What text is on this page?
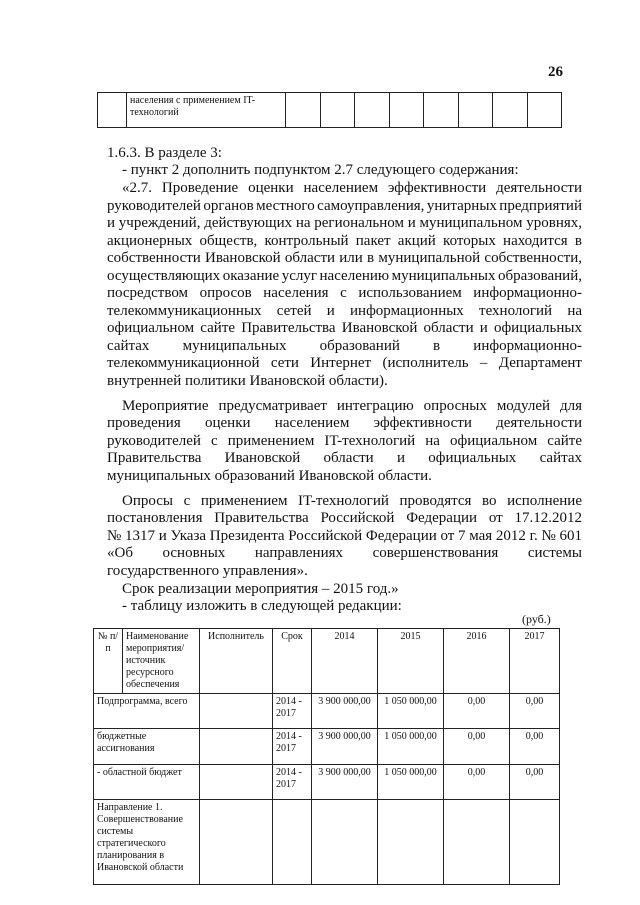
26
	населения с применением IT-технологий								
1.6.3. В разделе 3:
- пункт 2 дополнить подпунктом 2.7 следующего содержания:
«2.7. Проведение оценки населением эффективности деятельности
руководителей органов местного самоуправления, унитарных предприятий
и учреждений, действующих на региональном и муниципальном уровнях,
акционерных обществ, контрольный пакет акций которых находится в
собственности Ивановской области или в муниципальной собственности,
осуществляющих оказание услуг населению муниципальных образований,
посредством опросов населения с использованием информационно-
телекоммуникационных сетей и информационных технологий на
официальном сайте Правительства Ивановской области и официальных
сайтах муниципальных образований в информационно-
телекоммуникационной сети Интернет (исполнитель – Департамент
внутренней политики Ивановской области).
Мероприятие предусматривает интеграцию опросных модулей для
проведения оценки населением эффективности деятельности
руководителей с применением IT-технологий на официальном сайте
Правительства Ивановской области и официальных сайтах
муниципальных образований Ивановской области.
Опросы с применением IT-технологий проводятся во исполнение
постановления Правительства Российской Федерации от 17.12.2012
№ 1317 и Указа Президента Российской Федерации от 7 мая 2012 г. № 601
«Об основных направлениях совершенствования системы
государственного управления».
Срок реализации мероприятия – 2015 год.»
- таблицу изложить в следующей редакции:
(руб.)
№ п/п	Наименование мероприятия/источник ресурсного обеспечения	Исполнитель	Срок	2014	2015	2016	2017
Подпрограмма, всего			2014 - 2017	3 900 000,00	1 050 000,00	0,00	0,00
бюджетные ассигнования			2014 - 2017	3 900 000,00	1 050 000,00	0,00	0,00
- областной бюджет			2014 - 2017	3 900 000,00	1 050 000,00	0,00	0,00
Направление 1. Совершенствование системы стратегического планирования в Ивановской области							
